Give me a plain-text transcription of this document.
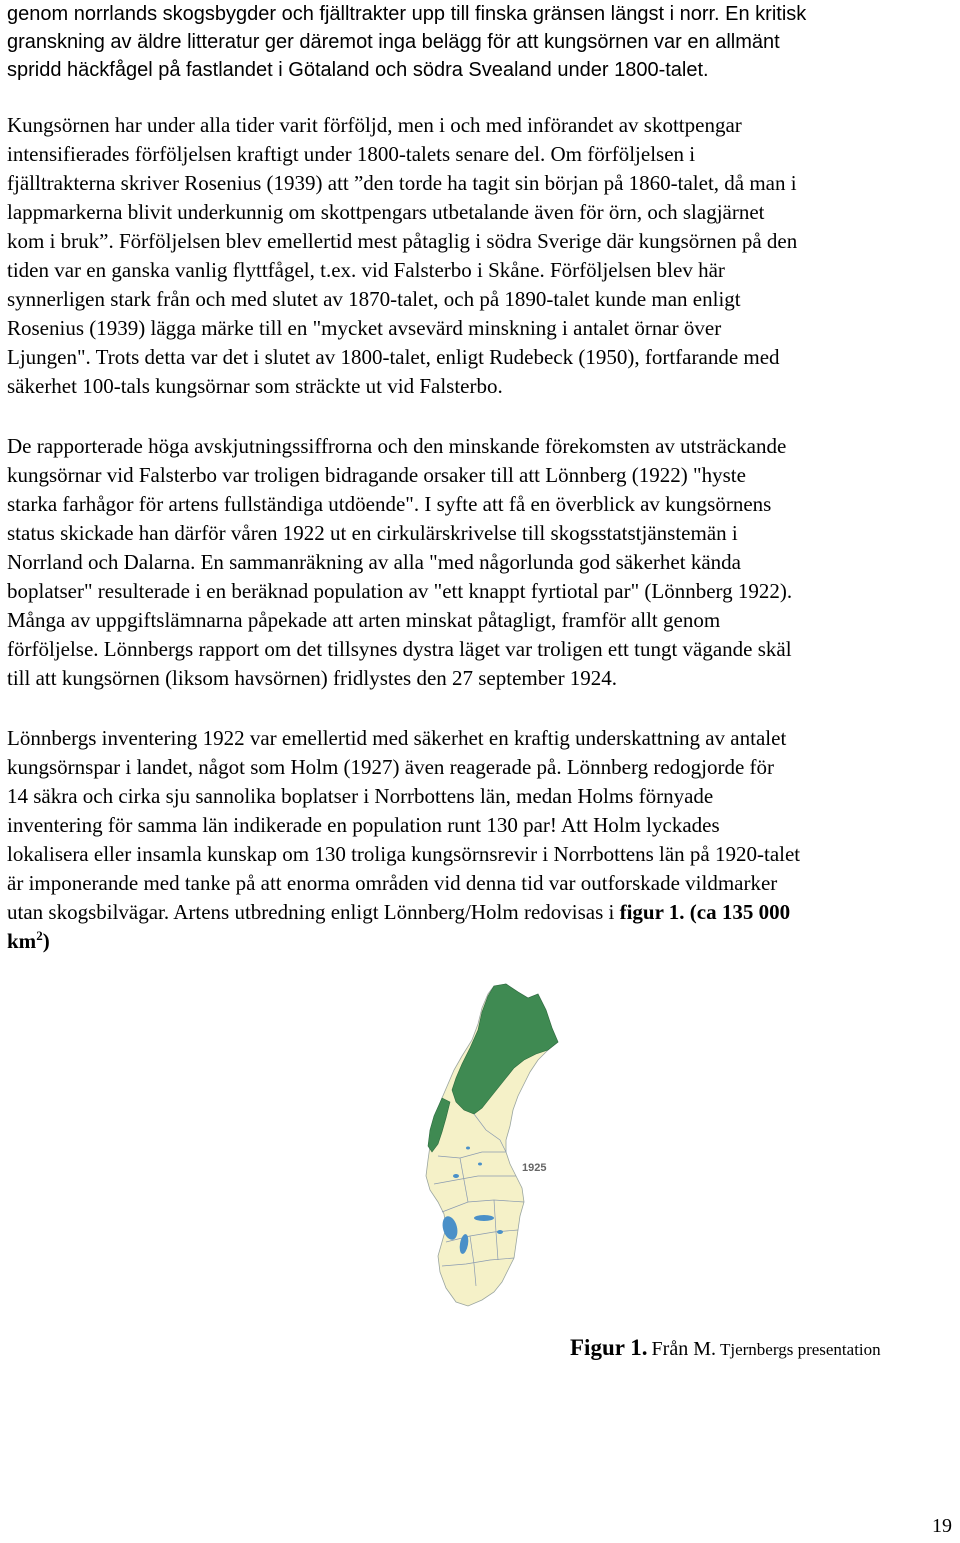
genom norrlands skogsbygder och fjälltrakter upp till finska gränsen längst i norr. En kritisk
granskning av äldre litteratur ger däremot inga belägg för att kungsörnen var en allmänt
spridd häckfågel på fastlandet i Götaland och södra Svealand under 1800-talet.

Kungsörnen har under alla tider varit förföljd, men i och med införandet av skottpengar
intensifierades förföljelsen kraftigt under 1800-talets senare del. Om förföljelsen i
fjälltrakterna skriver Rosenius (1939) att ”den torde ha tagit sin början på 1860-talet, då man i
lappmarkerna blivit underkunnig om skottpengars utbetalande även för örn, och slagjärnet
kom i bruk”. Förföljelsen blev emellertid mest påtaglig i södra Sverige där kungsörnen på den
tiden var en ganska vanlig flyttfågel, t.ex. vid Falsterbo i Skåne. Förföljelsen blev här
synnerligen stark från och med slutet av 1870-talet, och på 1890-talet kunde man enligt
Rosenius (1939) lägga märke till en "mycket avsevärd minskning i antalet örnar över
Ljungen". Trots detta var det i slutet av 1800-talet, enligt Rudebeck (1950), fortfarande med
säkerhet 100-tals kungsörnar som sträckte ut vid Falsterbo.

De rapporterade höga avskjutningssiffrorna och den minskande förekomsten av utsträckande
kungsörnar vid Falsterbo var troligen bidragande orsaker till att Lönnberg (1922) "hyste
starka farhågor för artens fullständiga utdöende". I syfte att få en överblick av kungsörnens
status skickade han därför våren 1922 ut en cirkulärskrivelse till skogsstatstjänstemän i
Norrland och Dalarna. En sammanräkning av alla "med någorlunda god säkerhet kända
boplatser" resulterade i en beräknad population av "ett knappt fyrtiotal par" (Lönnberg 1922).
Många av uppgiftslämnarna påpekade att arten minskat påtagligt, framför allt genom
förföljelse. Lönnbergs rapport om det tillsynes dystra läget var troligen ett tungt vägande skäl
till att kungsörnen (liksom havsörnen) fridlystes den 27 september 1924.

Lönnbergs inventering 1922 var emellertid med säkerhet en kraftig underskattning av antalet
kungsörnspar i landet, något som Holm (1927) även reagerade på. Lönnberg redogjorde för
14 säkra och cirka sju sannolika boplatser i Norrbottens län, medan Holms förnyade
inventering för samma län indikerade en population runt 130 par! Att Holm lyckades
lokalisera eller insamla kunskap om 130 troliga kungsörnsrevir i Norrbottens län på 1920-talet
är imponerande med tanke på att enorma områden vid denna tid var outforskade vildmarker
utan skogsbilvägar. Artens utbredning enligt Lönnberg/Holm redovisas i figur 1. (ca 135 000
$km^2$)

1925
Figur 1. Från M. Tjernbergs presentation
19
